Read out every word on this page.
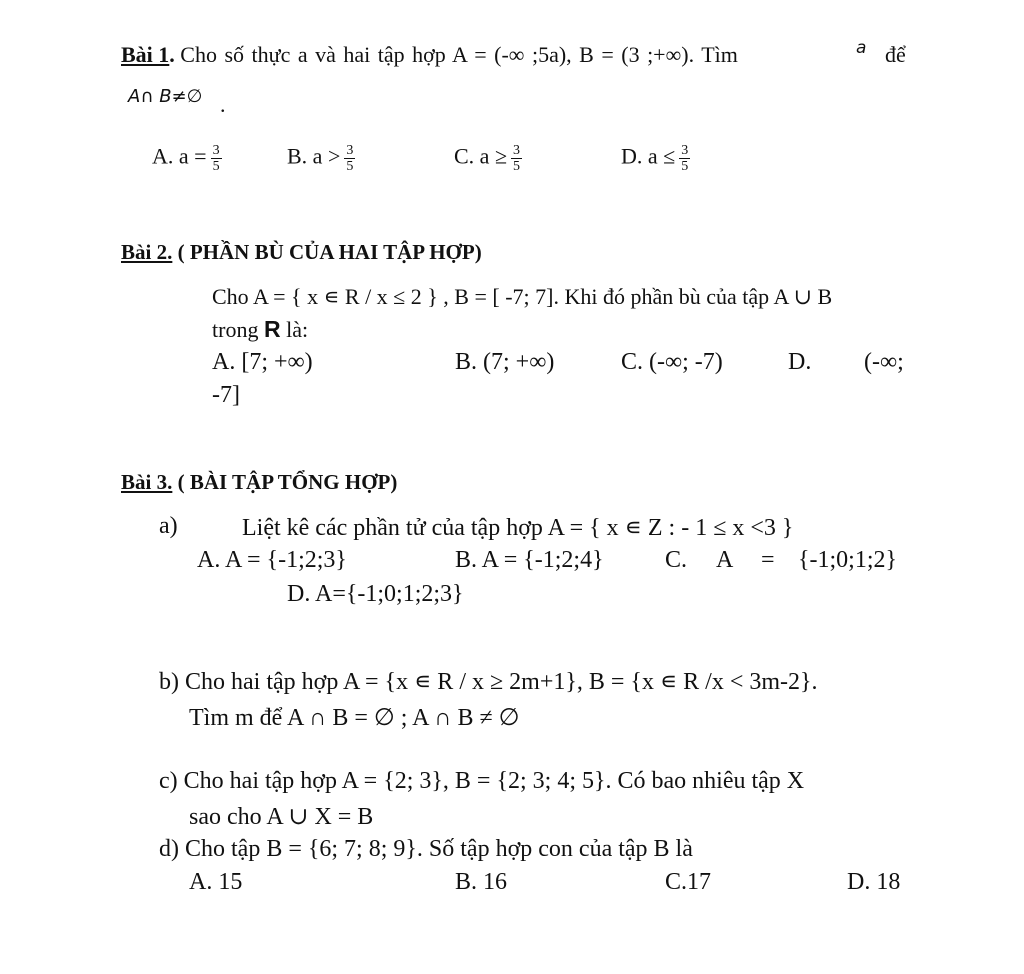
Bài 1. Cho số thực a và hai tập hợp A = (-∞ ;5a), B = (3 ;+∞). Tìm	a để
A∩ B≠∅ .
A. $a = \frac{3}{5}$	B. $a > \frac{3}{5}$	C. $a \ge \frac{3}{5}$	D. $a \le \frac{3}{5}$
Bài 2. ( PHẦN BÙ CỦA HAI TẬP HỢP)
Cho A = { x ∊ R / x ≤ 2 } , B = [ -7; 7]. Khi đó phần bù của tập A ∪ B
trong R là:
A. [7; +∞)	B. (7; +∞)	C. (-∞; -7)	D. (-∞;
-7]
Bài 3. ( BÀI TẬP TỔNG HỢP)
a)	Liệt kê các phần tử của tập hợp A = { x ∊ Z : - 1 ≤ x <3 }
A. A = {-1;2;3}	B. A = {-1;2;4}	C. A = {-1;0;1;2}
D. A={-1;0;1;2;3}
b) Cho hai tập hợp A = {x ∊ R / x ≥ 2m+1}, B = {x ∊ R /x < 3m-2}.
Tìm m để A ∩ B = ∅ ; A ∩ B ≠ ∅
c) Cho hai tập hợp A = {2; 3}, B = {2; 3; 4; 5}. Có bao nhiêu tập X
sao cho A ∪ X = B
d) Cho tập B = {6; 7; 8; 9}. Số tập hợp con của tập B là
A. 15	B. 16	C.17	D. 18
